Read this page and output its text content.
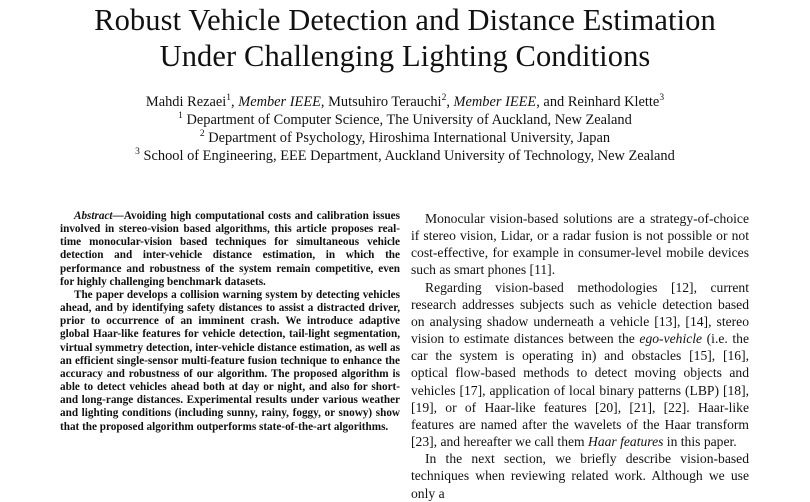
Robust Vehicle Detection and Distance Estimation
Under Challenging Lighting Conditions
Mahdi Rezaei$^1$, Member IEEE, Mutsuhiro Terauchi$^2$, Member IEEE, and Reinhard Klette$^3$
$^1$ Department of Computer Science, The University of Auckland, New Zealand
$^2$ Department of Psychology, Hiroshima International University, Japan
$^3$ School of Engineering, EEE Department, Auckland University of Technology, New Zealand

Abstract—Avoiding high computational costs and calibration issues involved in stereo-vision based algorithms, this article proposes real-time monocular-vision based techniques for simultaneous vehicle detection and inter-vehicle distance estimation, in which the performance and robustness of the system remain competitive, even for highly challenging benchmark datasets.

The paper develops a collision warning system by detecting vehicles ahead, and by identifying safety distances to assist a distracted driver, prior to occurrence of an imminent crash. We introduce adaptive global Haar-like features for vehicle detection, tail-light segmentation, virtual symmetry detection, inter-vehicle distance estimation, as well as an efficient single-sensor multi-feature fusion technique to enhance the accuracy and robustness of our algorithm. The proposed algorithm is able to detect vehicles ahead both at day or night, and also for short- and long-range distances. Experimental results under various weather and lighting conditions (including sunny, rainy, foggy, or snowy) show that the proposed algorithm outperforms state-of-the-art algorithms.

Monocular vision-based solutions are a strategy-of-choice if stereo vision, Lidar, or a radar fusion is not possible or not cost-effective, for example in consumer-level mobile devices such as smart phones [11].

Regarding vision-based methodologies [12], current research addresses subjects such as vehicle detection based on analysing shadow underneath a vehicle [13], [14], stereo vision to estimate distances between the ego-vehicle (i.e. the car the system is operating in) and obstacles [15], [16], optical flow-based methods to detect moving objects and vehicles [17], application of local binary patterns (LBP) [18], [19], or of Haar-like features [20], [21], [22]. Haar-like features are named after the wavelets of the Haar transform [23], and hereafter we call them Haar features in this paper.

In the next section, we briefly describe vision-based techniques when reviewing related work. Although we use only a
